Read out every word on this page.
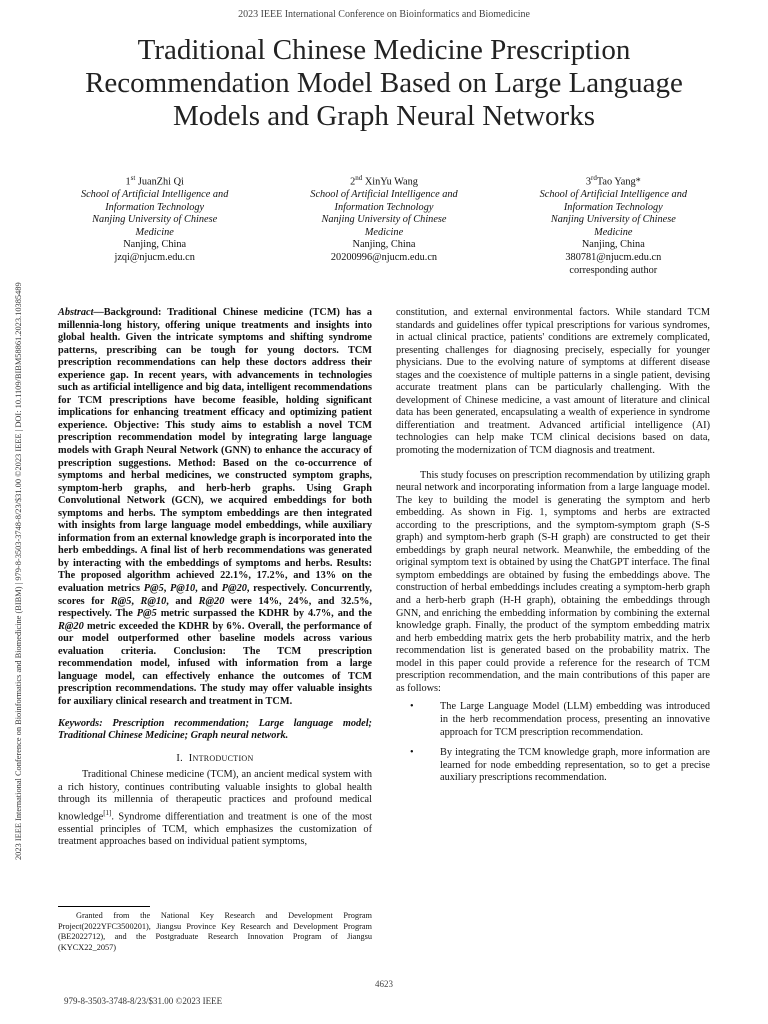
2023 IEEE International Conference on Bioinformatics and Biomedicine
Traditional Chinese Medicine Prescription Recommendation Model Based on Large Language Models and Graph Neural Networks
2023 IEEE International Conference on Bioinformatics and Biomedicine (BIBM) | 979-8-3503-3748-8/23/$31.00 ©2023 IEEE | DOI: 10.1109/BIBM58861.2023.10385489
1st JuanZhi Qi
School of Artificial Intelligence and
Information Technology
Nanjing University of Chinese
Medicine
Nanjing, China
jzqi@njucm.edu.cn
2nd XinYu Wang
School of Artificial Intelligence and
Information Technology
Nanjing University of Chinese
Medicine
Nanjing, China
20200996@njucm.edu.cn
3rdTao Yang*
School of Artificial Intelligence and
Information Technology
Nanjing University of Chinese
Medicine
Nanjing, China
380781@njucm.edu.cn
corresponding author

Abstract—Background: Traditional Chinese medicine (TCM) has a millennia-long history, offering unique treatments and insights into global health. Given the intricate symptoms and shifting syndrome patterns, prescribing can be tough for young doctors. TCM prescription recommendations can help these doctors address their experience gap. In recent years, with advancements in technologies such as artificial intelligence and big data, intelligent recommendations for TCM prescriptions have become feasible, holding significant implications for enhancing treatment efficacy and optimizing patient experience. Objective: This study aims to establish a novel TCM prescription recommendation model by integrating large language models with Graph Neural Network (GNN) to enhance the accuracy of prescription suggestions. Method: Based on the co-occurrence of symptoms and herbal medicines, we constructed symptom graphs, symptom-herb graphs, and herb-herb graphs. Using Graph Convolutional Network (GCN), we acquired embeddings for both symptoms and herbs. The symptom embeddings are then integrated with insights from large language model embeddings, while auxiliary information from an external knowledge graph is incorporated into the herb embeddings. A final list of herb recommendations was generated by interacting with the embeddings of symptoms and herbs. Results: The proposed algorithm achieved 22.1%, 17.2%, and 13% on the evaluation metrics P@5, P@10, and P@20, respectively. Concurrently, scores for R@5, R@10, and R@20 were 14%, 24%, and 32.5%, respectively. The P@5 metric surpassed the KDHR by 4.7%, and the R@20 metric exceeded the KDHR by 6%. Overall, the performance of our model outperformed other baseline models across various evaluation criteria. Conclusion: The TCM prescription recommendation model, infused with information from a large language model, can effectively enhance the outcomes of TCM prescription recommendations. The study may offer valuable insights for auxiliary clinical research and treatment in TCM.

Keywords: Prescription recommendation; Large language model; Traditional Chinese Medicine; Graph neural network.

I. INTRODUCTION

Traditional Chinese medicine (TCM), an ancient medical system with a rich history, continues contributing valuable insights to global health through its millennia of therapeutic practices and profound medical knowledge[1]. Syndrome differentiation and treatment is one of the most essential principles of TCM, which emphasizes the customization of treatment approaches based on individual patient symptoms,

constitution, and external environmental factors. While standard TCM standards and guidelines offer typical prescriptions for various syndromes, in actual clinical practice, patients' conditions are extremely complicated, presenting challenges for diagnosing precisely, especially for younger physicians. Due to the evolving nature of symptoms at different disease stages and the coexistence of multiple patterns in a single patient, devising accurate treatment plans can be particularly challenging. With the development of Chinese medicine, a vast amount of literature and clinical data has been generated, encapsulating a wealth of experience in syndrome differentiation and treatment. Advanced artificial intelligence (AI) technologies can help make TCM clinical decisions based on data, promoting the modernization of TCM diagnosis and treatment.

This study focuses on prescription recommendation by utilizing graph neural network and incorporating information from a large language model. The key to building the model is generating the symptom and herb embedding. As shown in Fig. 1, symptoms and herbs are extracted according to the prescriptions, and the symptom-symptom graph (S-S graph) and symptom-herb graph (S-H graph) are constructed to get their embeddings by graph neural network. Meanwhile, the embedding of the original symptom text is obtained by using the ChatGPT interface. The final symptom embeddings are obtained by fusing the embeddings above. The construction of herbal embeddings includes creating a symptom-herb graph and a herb-herb graph (H-H graph), obtaining the embeddings through GNN, and enriching the embedding information by combining the external knowledge graph. Finally, the product of the symptom embedding matrix and herb embedding matrix gets the herb probability matrix, and the herb recommendation list is generated based on the probability matrix. The model in this paper could provide a reference for the research of TCM prescription recommendation, and the main contributions of this paper are as follows:

•	The Large Language Model (LLM) embedding was introduced in the herb recommendation process, presenting an innovative approach for TCM prescription recommendation.
•	By integrating the TCM knowledge graph, more information are learned for node embedding representation, so to get a precise auxiliary prescriptions recommendation.

Granted from the National Key Research and Development Program Project(2022YFC3500201), Jiangsu Province Key Research and Development Program (BE2022712), and the Postgraduate Research Innovation Program of Jiangsu (KYCX22_2057)

4623
979-8-3503-3748-8/23/$31.00 ©2023 IEEE
